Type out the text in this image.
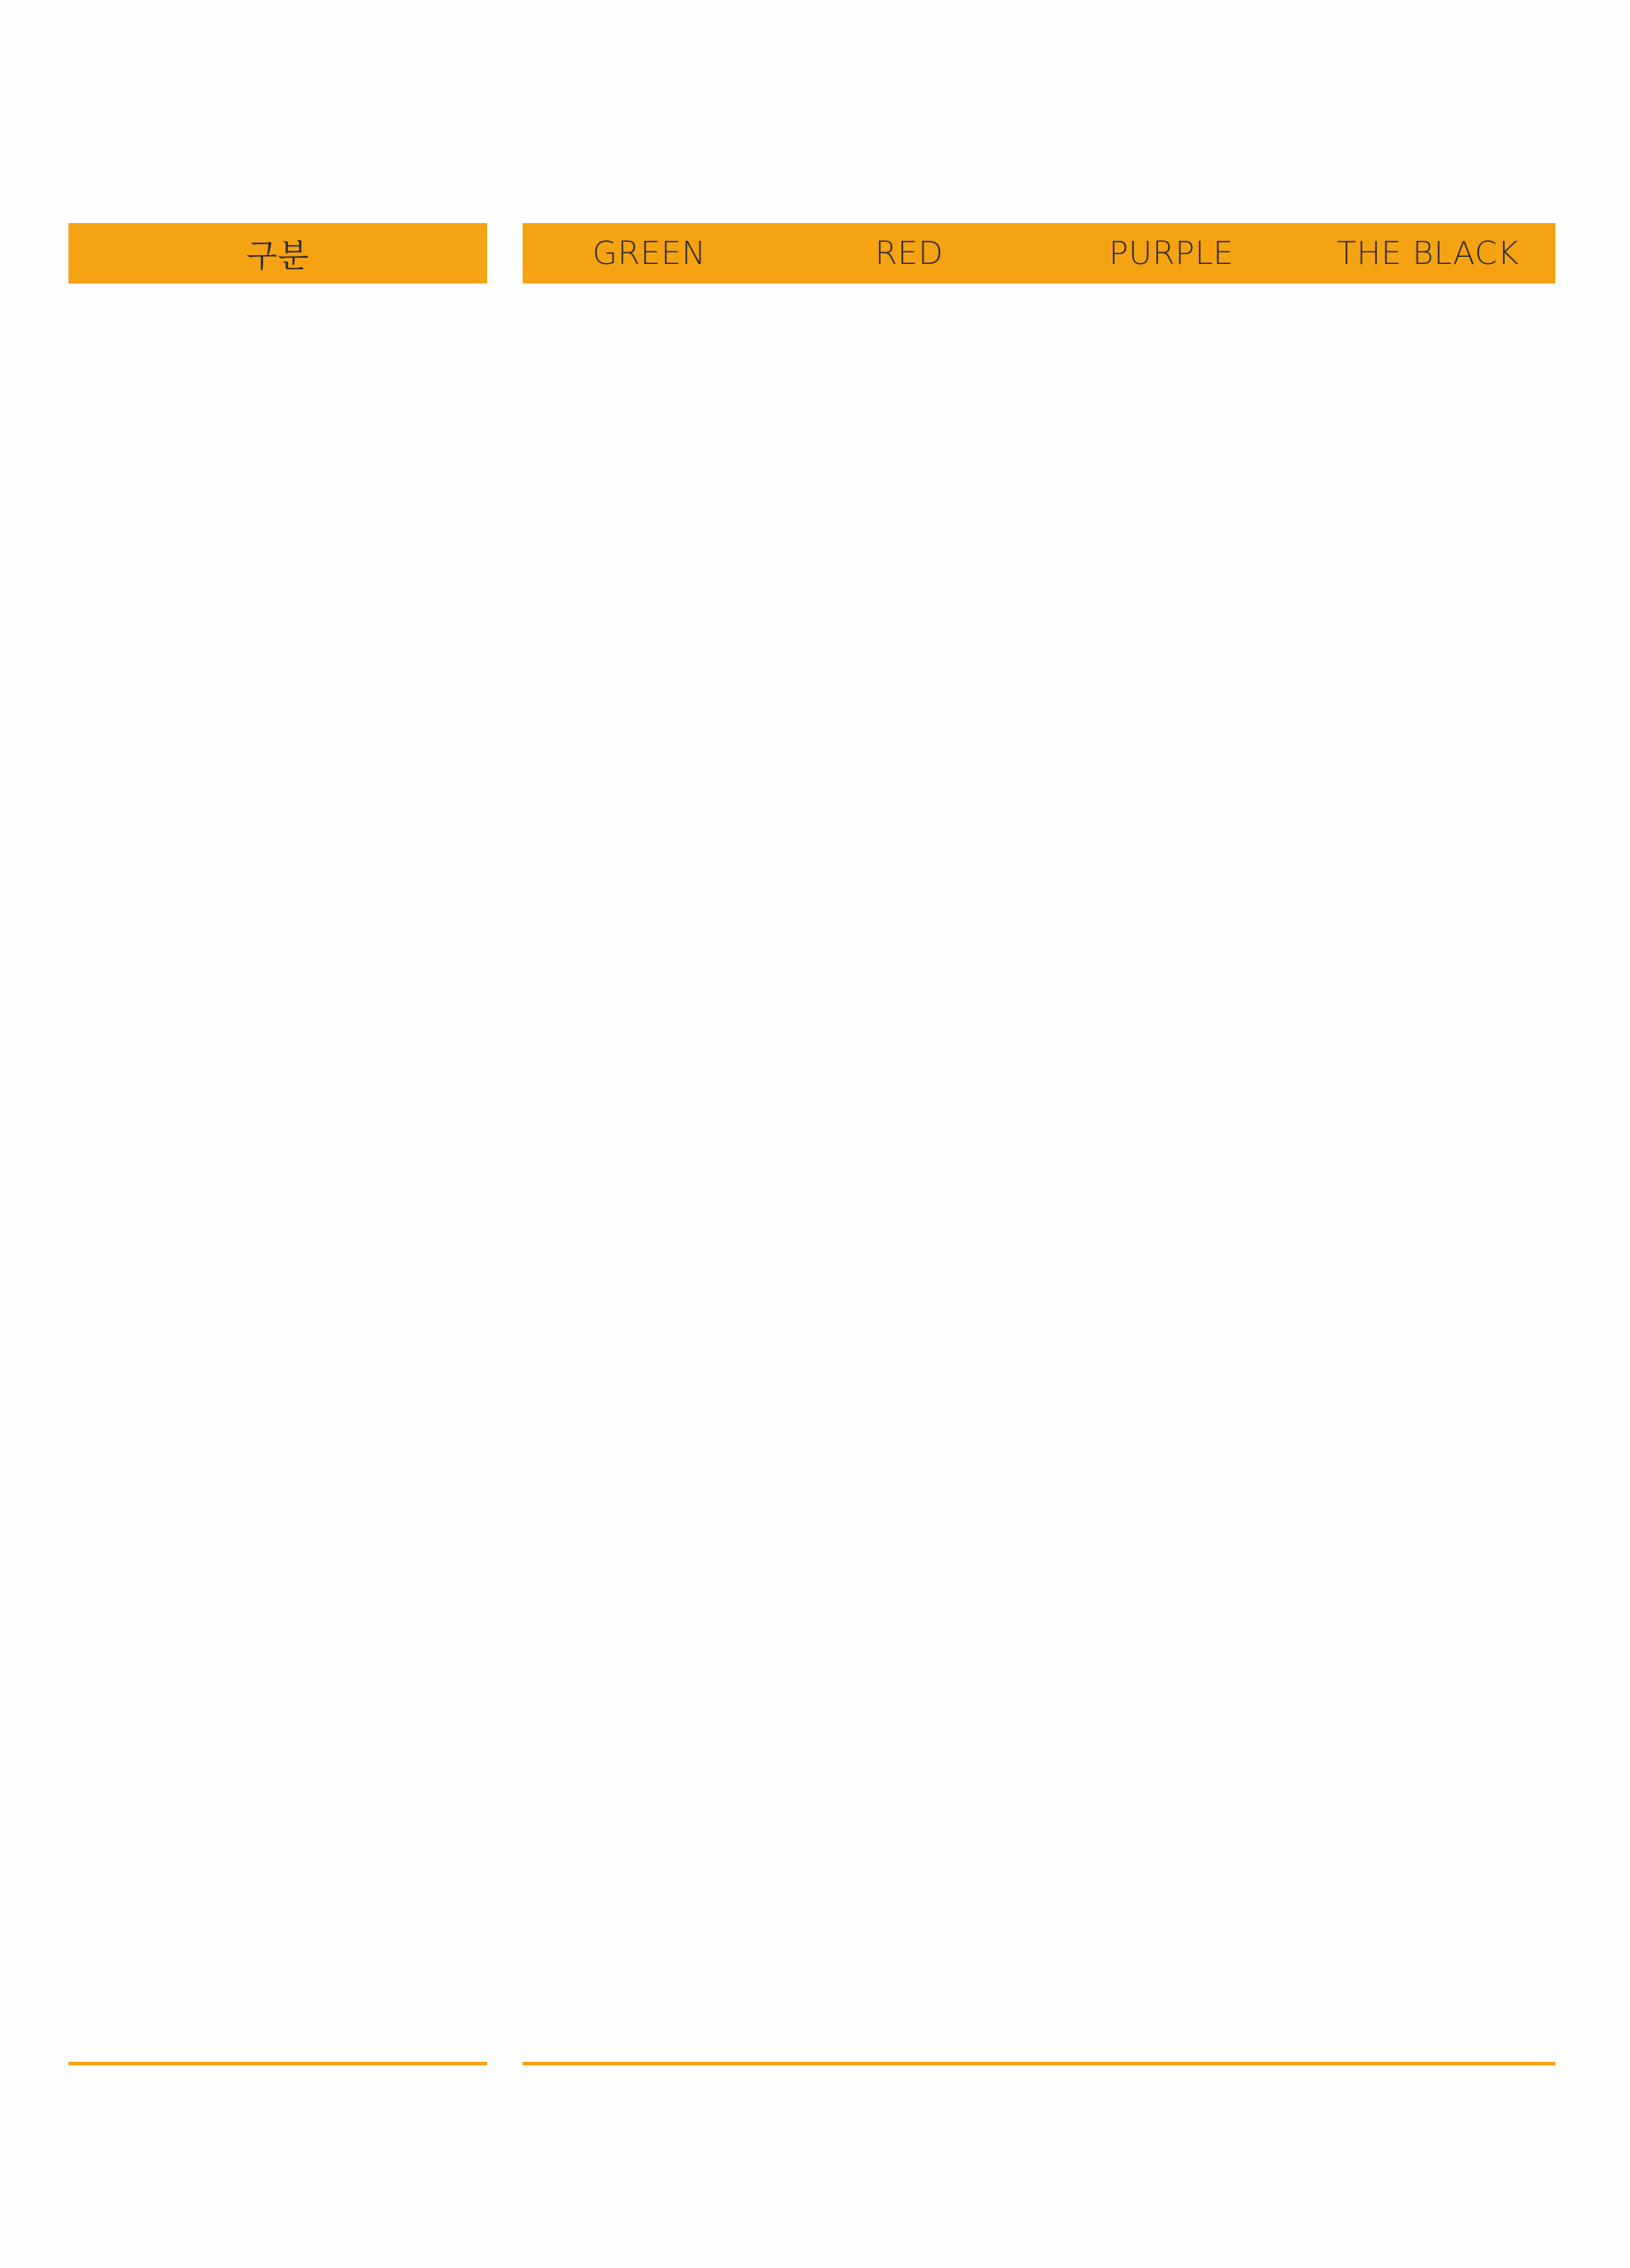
구분	GREEN	RED	PURPLE	THE BLACK
